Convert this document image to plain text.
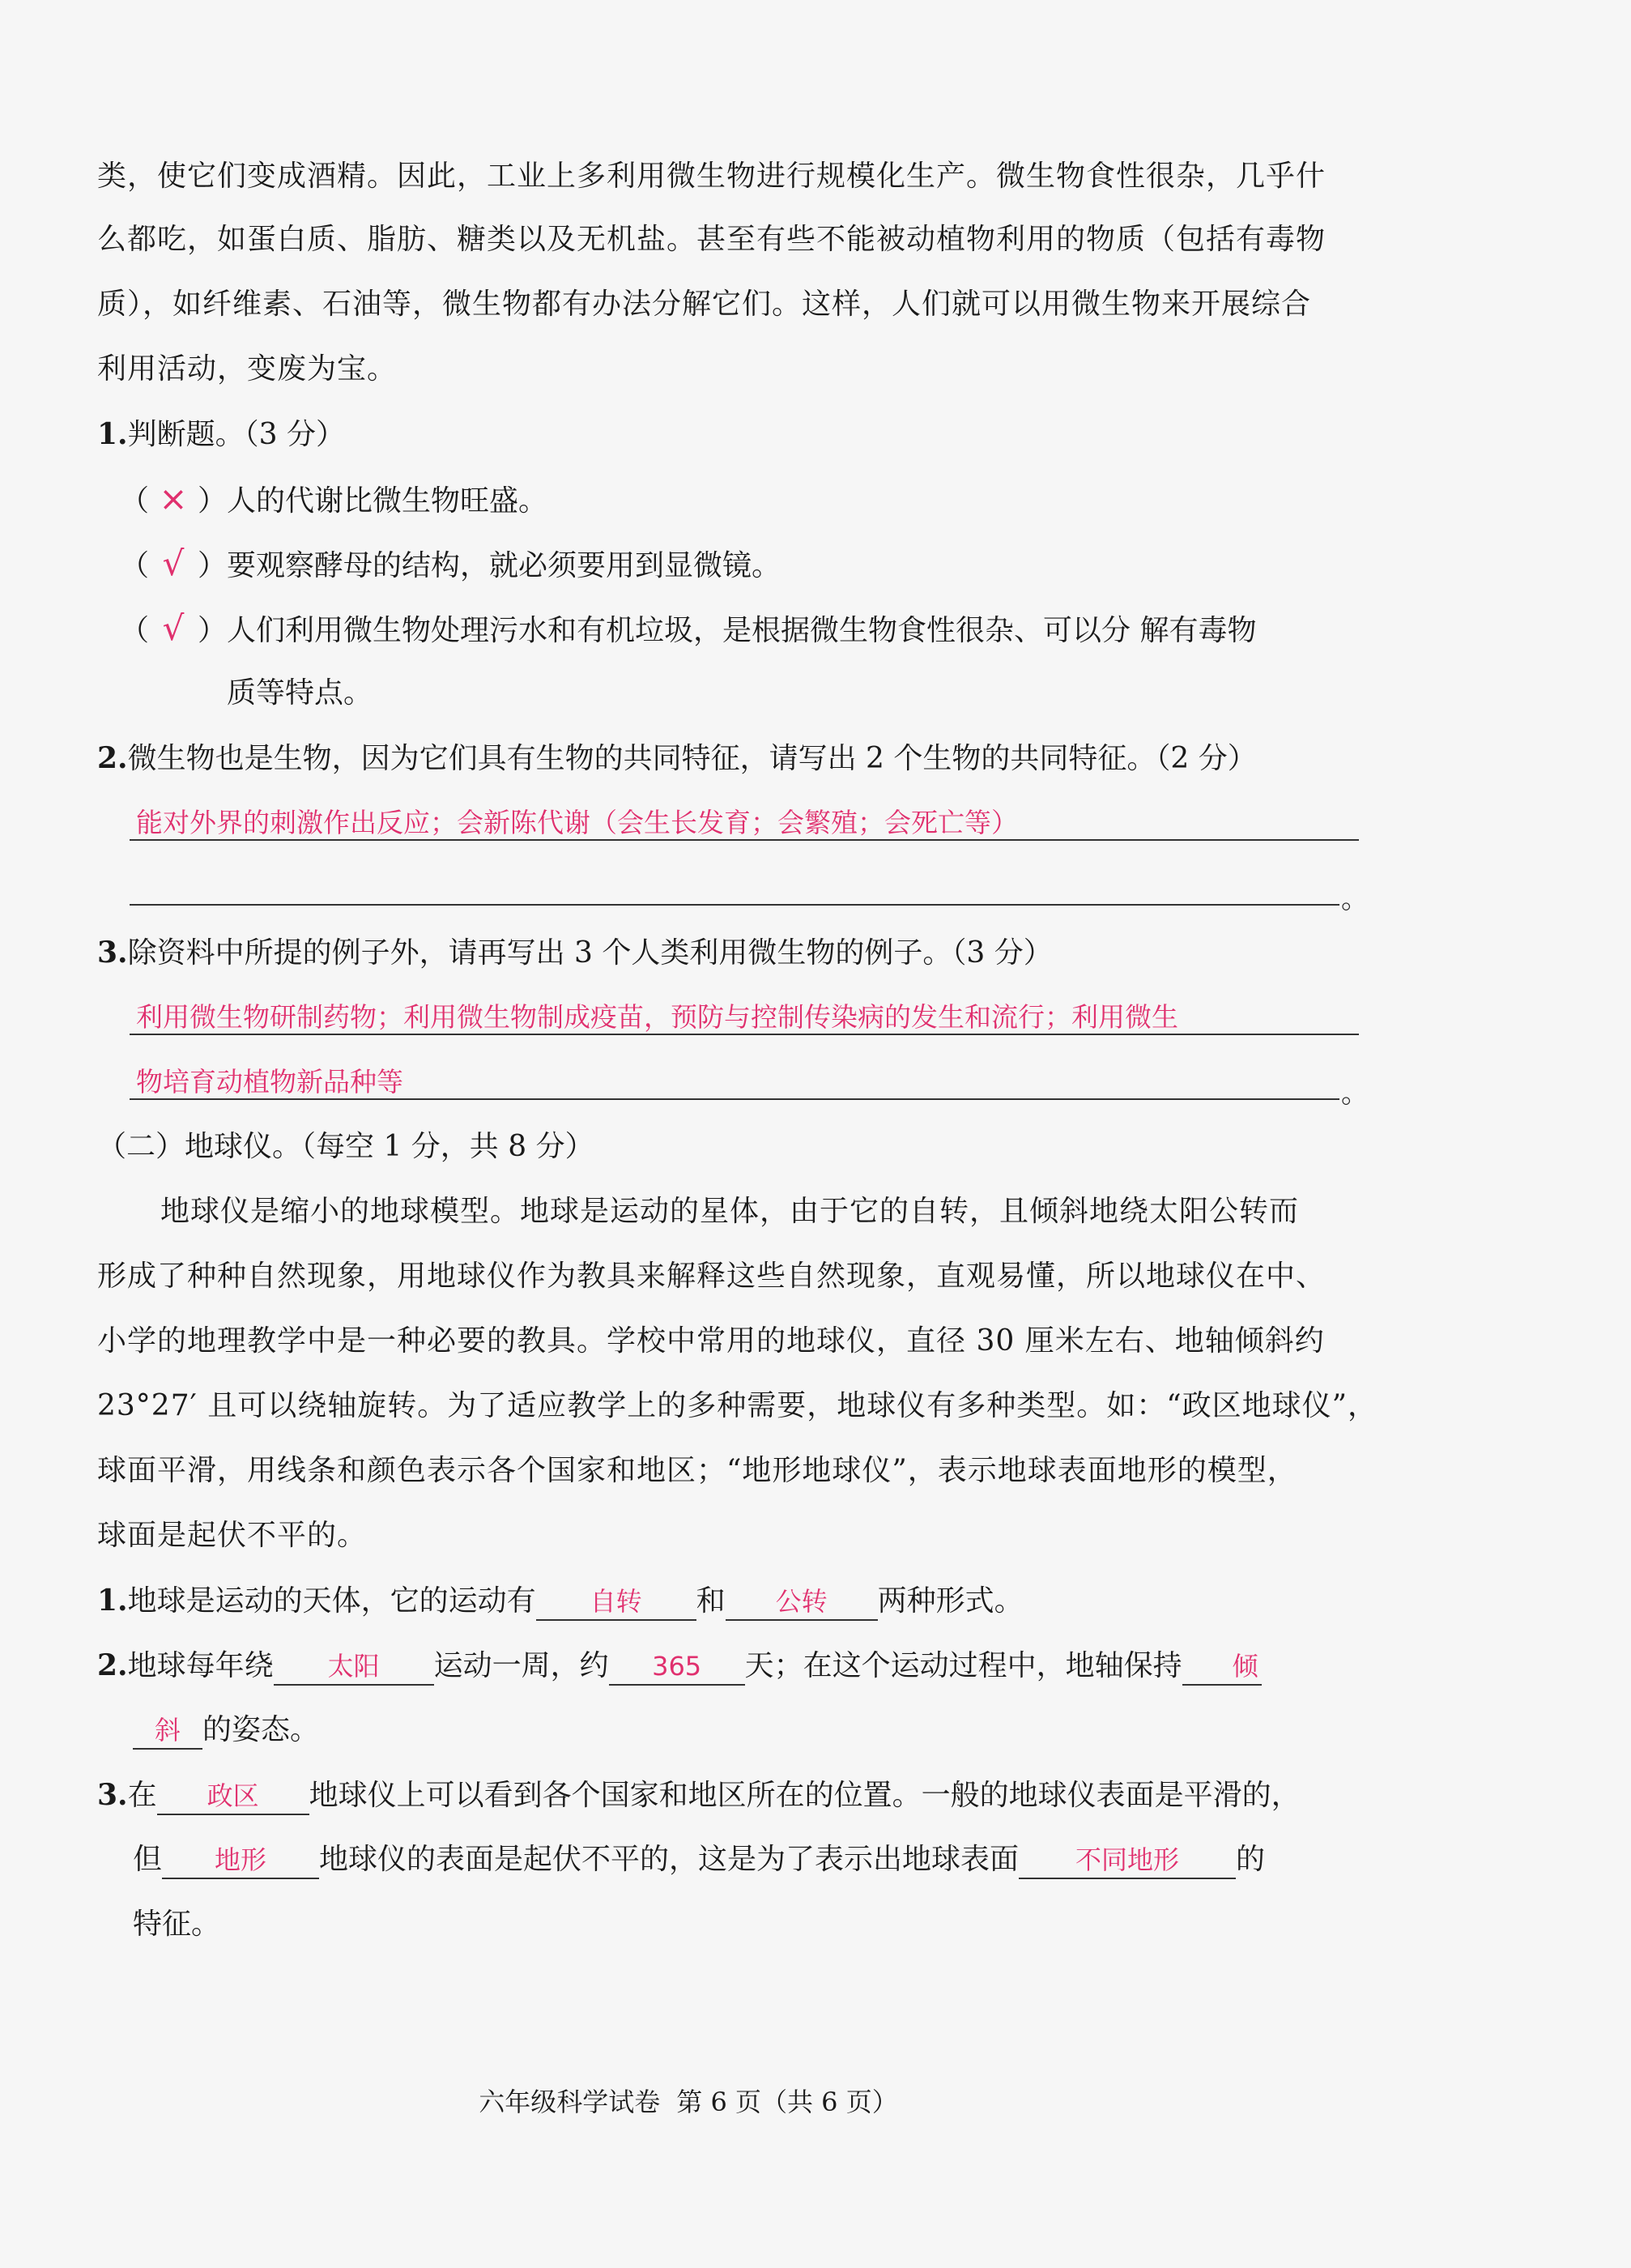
类，使它们变成酒精。因此，工业上多利用微生物进行规模化生产。微生物食性很杂，几乎什
么都吃，如蛋白质、脂肪、糖类以及无机盐。甚至有些不能被动植物利用的物质（包括有毒物
质），如纤维素、石油等，微生物都有办法分解它们。这样，人们就可以用微生物来开展综合
利用活动，变废为宝。
1.判断题。（3 分）
（ × ）人的代谢比微生物旺盛。
（ √ ）要观察酵母的结构，就必须要用到显微镜。
（ √ ）人们利用微生物处理污水和有机垃圾，是根据微生物食性很杂、可以分 解有毒物
质等特点。
2.微生物也是生物，因为它们具有生物的共同特征，请写出 2 个生物的共同特征。（2 分）
能对外界的刺激作出反应；会新陈代谢（会生长发育；会繁殖；会死亡等）
。
3.除资料中所提的例子外，请再写出 3 个人类利用微生物的例子。（3 分）
利用微生物研制药物；利用微生物制成疫苗，预防与控制传染病的发生和流行；利用微生
物培育动植物新品种等	。
（二）地球仪。（每空 1 分，共 8 分）
地球仪是缩小的地球模型。地球是运动的星体，由于它的自转，且倾斜地绕太阳公转而
形成了种种自然现象，用地球仪作为教具来解释这些自然现象，直观易懂，所以地球仪在中、
小学的地理教学中是一种必要的教具。学校中常用的地球仪，直径 30 厘米左右、地轴倾斜约
23°27′ 且可以绕轴旋转。为了适应教学上的多种需要，地球仪有多种类型。如：“政区地球仪”，
球面平滑，用线条和颜色表示各个国家和地区；“地形地球仪”，表示地球表面地形的模型，
球面是起伏不平的。
1.地球是运动的天体，它的运动有 自转 和 公转 两种形式。
2.地球每年绕 太阳 运动一周，约 365 天；在这个运动过程中，地轴保持 倾
斜 的姿态。
3.在 政区 地球仪上可以看到各个国家和地区所在的位置。一般的地球仪表面是平滑的，
但 地形 地球仪的表面是起伏不平的，这是为了表示出地球表面 不同地形 的
特征。
六年级科学试卷 第 6 页（共 6 页）
